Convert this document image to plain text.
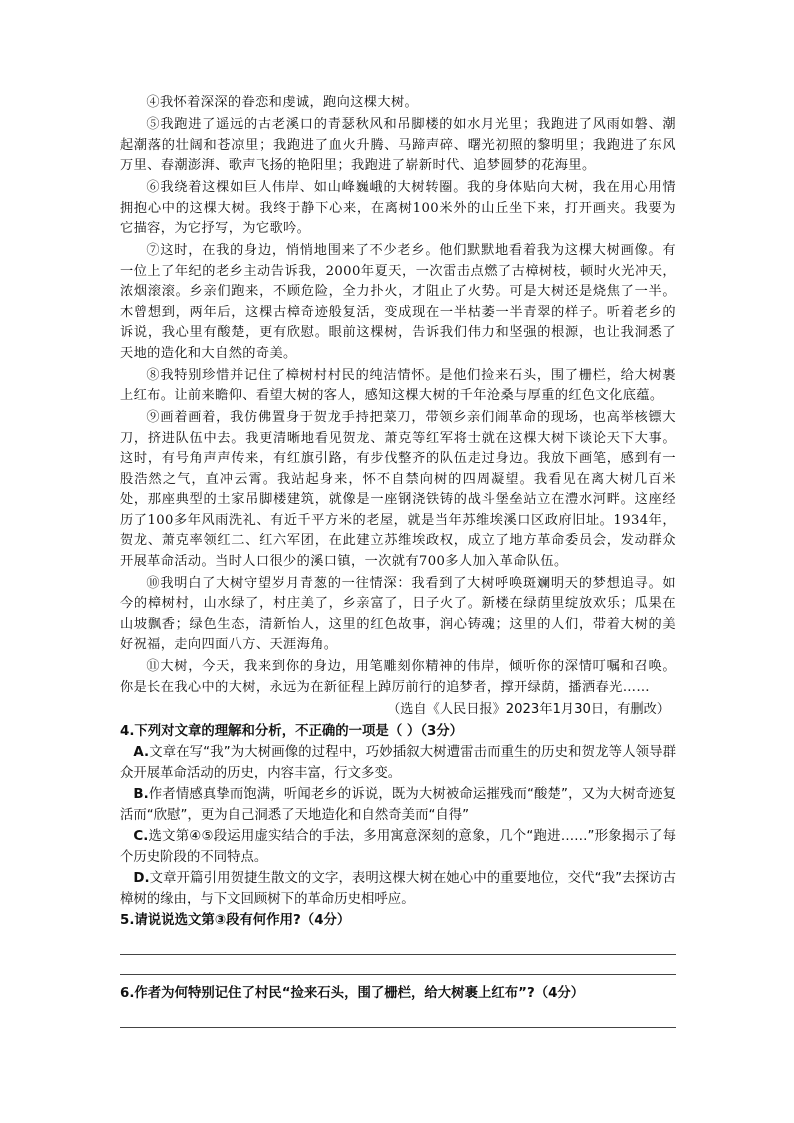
④我怀着深深的眷恋和虔诚，跑向这棵大树。

⑤我跑进了遥远的古老溪口的青瑟秋风和吊脚楼的如水月光里；我跑进了风雨如磐、潮起潮落的壮阔和苍凉里；我跑进了血火升腾、马蹄声碎、曙光初照的黎明里；我跑进了东风万里、春潮澎湃、歌声飞扬的艳阳里；我跑进了崭新时代、追梦圆梦的花海里。

⑥我绕着这棵如巨人伟岸、如山峰巍峨的大树转圈。我的身体贴向大树，我在用心用情拥抱心中的这棵大树。我终于静下心来，在离树100米外的山丘坐下来，打开画夹。我要为它描容，为它抒写，为它歌吟。

⑦这时，在我的身边，悄悄地围来了不少老乡。他们默默地看着我为这棵大树画像。有一位上了年纪的老乡主动告诉我，2000年夏天，一次雷击点燃了古樟树枝，顿时火光冲天，浓烟滚滚。乡亲们跑来，不顾危险，全力扑火，才阻止了火势。可是大树还是烧焦了一半。木曾想到，两年后，这棵古樟奇迹般复活，变成现在一半枯萎一半青翠的样子。听着老乡的诉说，我心里有酸楚，更有欣慰。眼前这棵树，告诉我们伟力和坚强的根源，也让我洞悉了天地的造化和大自然的奇美。

⑧我特别珍惜并记住了樟树村村民的纯洁情怀。是他们捡来石头，围了栅栏，给大树裹上红布。让前来瞻仰、看望大树的客人，感知这棵大树的千年沧桑与厚重的红色文化底蕴。

⑨画着画着，我仿佛置身于贺龙手持把菜刀，带领乡亲们闹革命的现场，也高举核镖大刀，挤进队伍中去。我更清晰地看见贺龙、萧克等红军将士就在这棵大树下谈论天下大事。这时，有号角声声传来，有红旗引路，有步伐整齐的队伍走过身边。我放下画笔，感到有一股浩然之气，直冲云霄。我站起身来，怀不自禁向树的四周凝望。我看见在离大树几百米处，那座典型的土家吊脚楼建筑，就像是一座钢浇铁铸的战斗堡垒站立在澧水河畔。这座经历了100多年风雨洗礼、有近千平方米的老屋，就是当年苏维埃溪口区政府旧址。1934年，贺龙、萧克率领红二、红六军团，在此建立苏维埃政权，成立了地方革命委员会，发动群众开展革命活动。当时人口很少的溪口镇，一次就有700多人加入革命队伍。

⑩我明白了大树守望岁月青葱的一往情深：我看到了大树呼唤斑斓明天的梦想追寻。如今的樟树村，山水绿了，村庄美了，乡亲富了，日子火了。新楼在绿荫里绽放欢乐；瓜果在山坡飘香；绿色生态，清新怡人，这里的红色故事，润心铸魂；这里的人们，带着大树的美好祝福，走向四面八方、天涯海角。

⑪大树，今天，我来到你的身边，用笔雕刻你精神的伟岸，倾听你的深情叮嘱和召唤。你是长在我心中的大树，永远为在新征程上踔厉前行的追梦者，撑开绿荫，播洒春光……

（选自《人民日报》2023年1月30日，有删改）

4.下列对文章的理解和分析，不正确的一项是（ ）（3分）

A.文章在写“我”为大树画像的过程中，巧妙插叙大树遭雷击而重生的历史和贺龙等人领导群众开展革命活动的历史，内容丰富，行文多变。

B.作者情感真挚而饱满，听闻老乡的诉说，既为大树被命运摧残而“酸楚”，又为大树奇迹复活而“欣慰”，更为自己洞悉了天地造化和自然奇美而“自得”

C.选文第④⑤段运用虚实结合的手法，多用寓意深刻的意象，几个“跑进……”形象揭示了每个历史阶段的不同特点。

D.文章开篇引用贺捷生散文的文字，表明这棵大树在她心中的重要地位，交代“我”去探访古樟树的缘由，与下文回顾树下的革命历史相呼应。

5.请说说选文第③段有何作用?（4分）

6.作者为何特别记住了村民“捡来石头，围了栅栏，给大树裹上红布”?（4分）
